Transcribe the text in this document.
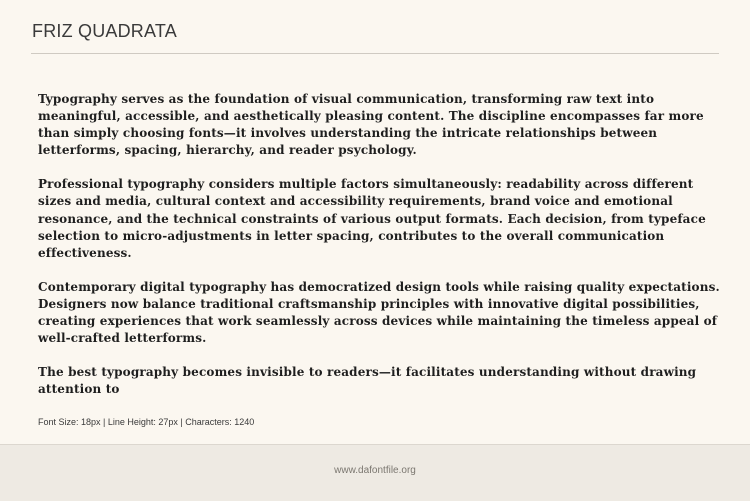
FRIZ QUADRATA

Typography serves as the foundation of visual communication, transforming raw text into meaningful, accessible, and aesthetically pleasing content. The discipline encompasses far more than simply choosing fonts—it involves understanding the intricate relationships between letterforms, spacing, hierarchy, and reader psychology.

Professional typography considers multiple factors simultaneously: readability across different sizes and media, cultural context and accessibility requirements, brand voice and emotional resonance, and the technical constraints of various output formats. Each decision, from typeface selection to micro-adjustments in letter spacing, contributes to the overall communication effectiveness.

Contemporary digital typography has democratized design tools while raising quality expectations. Designers now balance traditional craftsmanship principles with innovative digital possibilities, creating experiences that work seamlessly across devices while maintaining the timeless appeal of well-crafted letterforms.

The best typography becomes invisible to readers—it facilitates understanding without drawing attention to

Font Size: 18px | Line Height: 27px | Characters: 1240

www.dafontfile.org
